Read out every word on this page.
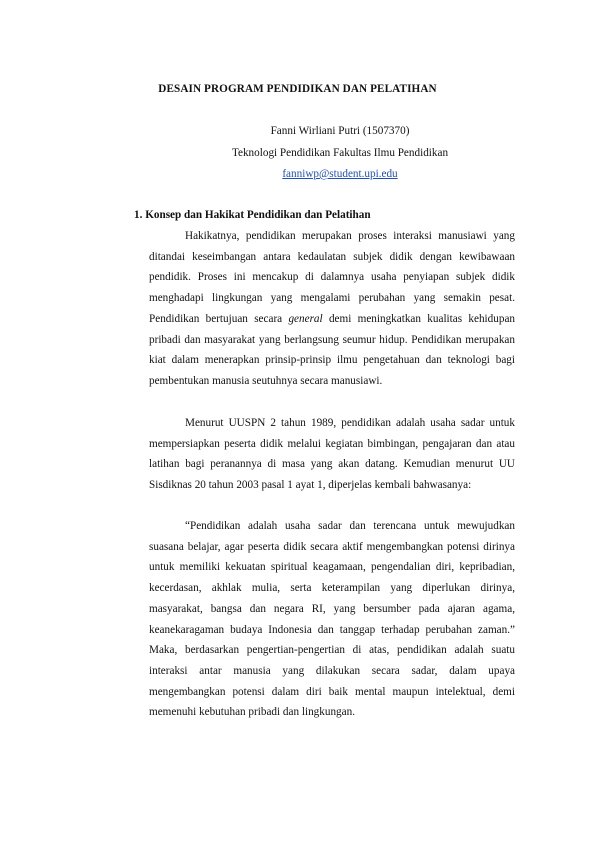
DESAIN PROGRAM PENDIDIKAN DAN PELATIHAN
Fanni Wirliani Putri (1507370)
Teknologi Pendidikan Fakultas Ilmu Pendidikan
fanniwp@student.upi.edu
1. Konsep dan Hakikat Pendidikan dan Pelatihan

Hakikatnya, pendidikan merupakan proses interaksi manusiawi yang ditandai keseimbangan antara kedaulatan subjek didik dengan kewibawaan pendidik. Proses ini mencakup di dalamnya usaha penyiapan subjek didik menghadapi lingkungan yang mengalami perubahan yang semakin pesat. Pendidikan bertujuan secara general demi meningkatkan kualitas kehidupan pribadi dan masyarakat yang berlangsung seumur hidup. Pendidikan merupakan kiat dalam menerapkan prinsip-prinsip ilmu pengetahuan dan teknologi bagi pembentukan manusia seutuhnya secara manusiawi.

Menurut UUSPN 2 tahun 1989, pendidikan adalah usaha sadar untuk mempersiapkan peserta didik melalui kegiatan bimbingan, pengajaran dan atau latihan bagi peranannya di masa yang akan datang. Kemudian menurut UU Sisdiknas 20 tahun 2003 pasal 1 ayat 1, diperjelas kembali bahwasanya:

“Pendidikan adalah usaha sadar dan terencana untuk mewujudkan suasana belajar, agar peserta didik secara aktif mengembangkan potensi dirinya untuk memiliki kekuatan spiritual keagamaan, pengendalian diri, kepribadian, kecerdasan, akhlak mulia, serta keterampilan yang diperlukan dirinya, masyarakat, bangsa dan negara RI, yang bersumber pada ajaran agama, keanekaragaman budaya Indonesia dan tanggap terhadap perubahan zaman.” Maka, berdasarkan pengertian-pengertian di atas, pendidikan adalah suatu interaksi antar manusia yang dilakukan secara sadar, dalam upaya mengembangkan potensi dalam diri baik mental maupun intelektual, demi memenuhi kebutuhan pribadi dan lingkungan.
